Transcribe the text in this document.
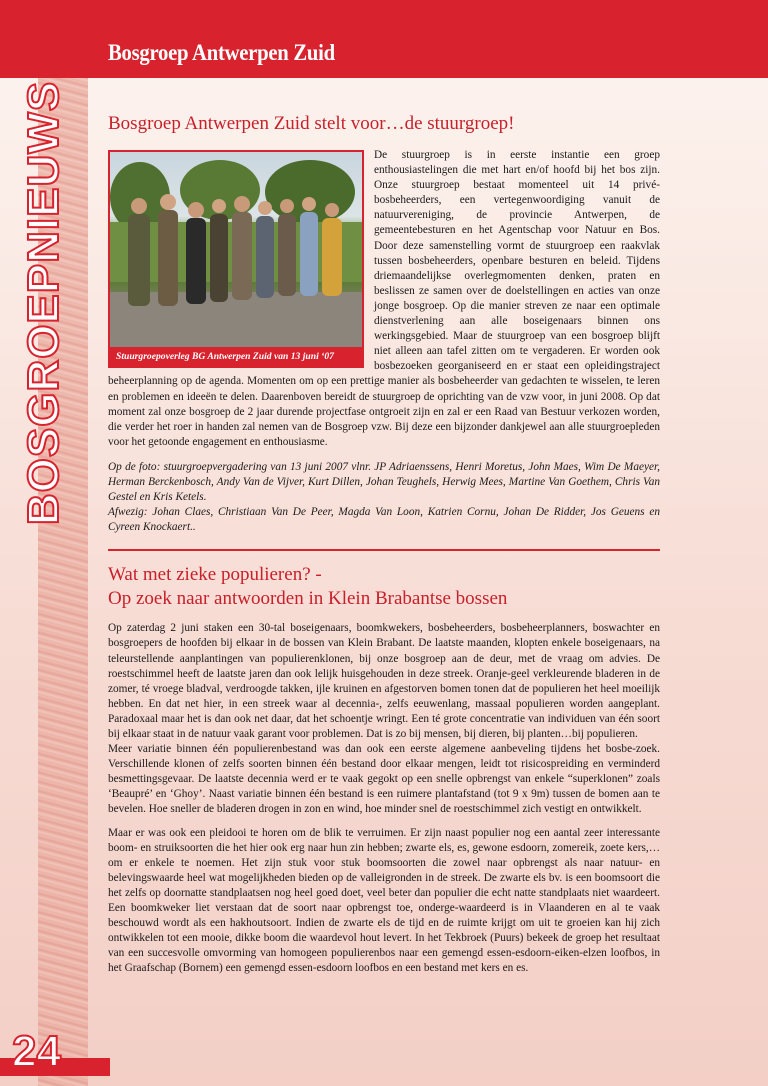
Bosgroep Antwerpen Zuid
BOSGROEPNIEUWS Bosgroep Antwerpen Zuid stelt voor…de stuurgroep!
Stuurgroepoverleg BG Antwerpen Zuid van 13 juni ‘07

De stuurgroep is in eerste instantie een groep enthousiastelingen die met hart en/of hoofd bij het bos zijn. Onze stuurgroep bestaat momenteel uit 14 privé-bosbeheerders, een vertegenwoordiging vanuit de natuurvereniging, de provincie Antwerpen, de gemeentebesturen en het Agentschap voor Natuur en Bos. Door deze samenstelling vormt de stuurgroep een raakvlak tussen bosbeheerders, openbare besturen en beleid. Tijdens driemaandelijkse overlegmomenten denken, praten en beslissen ze samen over de doelstellingen en acties van onze jonge bosgroep. Op die manier streven ze naar een optimale dienstverlening aan alle boseigenaars binnen ons werkingsgebied. Maar de stuurgroep van een bosgroep blijft niet alleen aan tafel zitten om te vergaderen. Er worden ook bosbezoeken georganiseerd en er staat een opleidingstraject beheerplanning op de agenda. Momenten om op een prettige manier als bosbeheerder van gedachten te wisselen, te leren en problemen en ideeën te delen. Daarenboven bereidt de stuurgroep de oprichting van de vzw voor, in juni 2008. Op dat moment zal onze bosgroep de 2 jaar durende projectfase ontgroeit zijn en zal er een Raad van Bestuur verkozen worden, die verder het roer in handen zal nemen van de Bosgroep vzw. Bij deze een bijzonder dankjewel aan alle stuurgroepleden voor het getoonde engagement en enthousiasme.

Op de foto: stuurgroepvergadering van 13 juni 2007 vlnr. JP Adriaenssens, Henri Moretus, John Maes, Wim De Maeyer, Herman Berckenbosch, Andy Van de Vijver, Kurt Dillen, Johan Teughels, Herwig Mees, Martine Van Goethem, Chris Van Gestel en Kris Ketels.

Afwezig: Johan Claes, Christiaan Van De Peer, Magda Van Loon, Katrien Cornu, Johan De Ridder, Jos Geuens en Cyreen Knockaert..

Wat met zieke populieren? -
Op zoek naar antwoorden in Klein Brabantse bossen

Op zaterdag 2 juni staken een 30-tal boseigenaars, boomkwekers, bosbeheerders, bosbeheerplanners, boswachter en bosgroepers de hoofden bij elkaar in de bossen van Klein Brabant. De laatste maanden, klopten enkele boseigenaars, na teleurstellende aanplantingen van populierenklonen, bij onze bosgroep aan de deur, met de vraag om advies. De roestschimmel heeft de laatste jaren dan ook lelijk huisgehouden in deze streek. Oranje-geel verkleurende bladeren in de zomer, té vroege bladval, verdroogde takken, ijle kruinen en afgestorven bomen tonen dat de populieren het heel moeilijk hebben. En dat net hier, in een streek waar al decennia-, zelfs eeuwenlang, massaal populieren worden aangeplant. Paradoxaal maar het is dan ook net daar, dat het schoentje wringt. Een té grote concentratie van individuen van één soort bij elkaar staat in de natuur vaak garant voor problemen. Dat is zo bij mensen, bij dieren, bij planten…bij populieren.

Meer variatie binnen één populierenbestand was dan ook een eerste algemene aanbeveling tijdens het bosbe-zoek. Verschillende klonen of zelfs soorten binnen één bestand door elkaar mengen, leidt tot risicospreiding en verminderd besmettingsgevaar. De laatste decennia werd er te vaak gegokt op een snelle opbrengst van enkele “superklonen” zoals ‘Beaupré’ en ‘Ghoy’. Naast variatie binnen één bestand is een ruimere plantafstand (tot 9 x 9m) tussen de bomen aan te bevelen. Hoe sneller de bladeren drogen in zon en wind, hoe minder snel de roestschimmel zich vestigt en ontwikkelt.

Maar er was ook een pleidooi te horen om de blik te verruimen. Er zijn naast populier nog een aantal zeer interessante boom- en struiksoorten die het hier ook erg naar hun zin hebben; zwarte els, es, gewone esdoorn, zomereik, zoete kers,…om er enkele te noemen. Het zijn stuk voor stuk boomsoorten die zowel naar opbrengst als naar natuur- en belevingswaarde heel wat mogelijkheden bieden op de valleigronden in de streek. De zwarte els bv. is een boomsoort die het zelfs op doornatte standplaatsen nog heel goed doet, veel beter dan populier die echt natte standplaats niet waardeert. Een boomkweker liet verstaan dat de soort naar opbrengst toe, onderge-waardeerd is in Vlaanderen en al te vaak beschouwd wordt als een hakhoutsoort. Indien de zwarte els de tijd en de ruimte krijgt om uit te groeien kan hij zich ontwikkelen tot een mooie, dikke boom die waardevol hout levert. In het Tekbroek (Puurs) bekeek de groep het resultaat van een succesvolle omvorming van homogeen populierenbos naar een gemengd essen-esdoorn-eiken-elzen loofbos, in het Graafschap (Bornem) een gemengd essen-esdoorn loofbos en een bestand met kers en es.

24
